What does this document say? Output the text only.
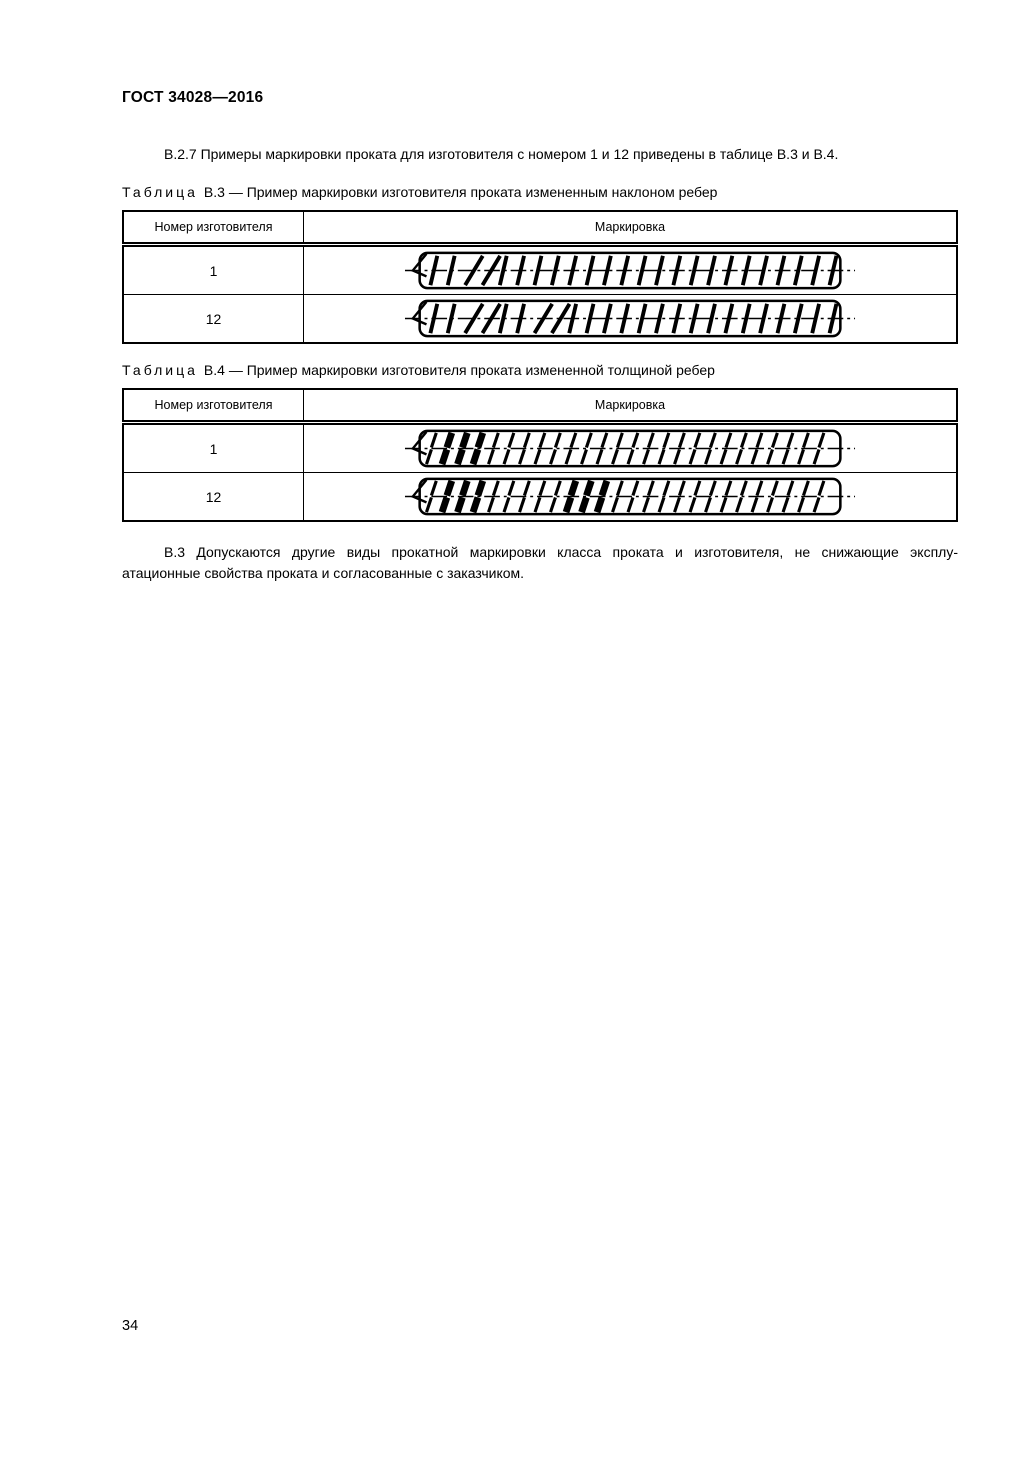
ГОСТ 34028—2016

В.2.7 Примеры маркировки проката для изготовителя с номером 1 и 12 приведены в таблице В.3 и В.4.

Таблица В.3 — Пример маркировки изготовителя проката измененным наклоном ребер

Номер изготовителя	Маркировка
1	

12	

Таблица В.4 — Пример маркировки изготовителя проката измененной толщиной ребер

Номер изготовителя	Маркировка
1	

12	

В.3 Допускаются другие виды прокатной маркировки класса проката и изготовителя, не снижающие эксплу-
атационные свойства проката и согласованные с заказчиком.

34
